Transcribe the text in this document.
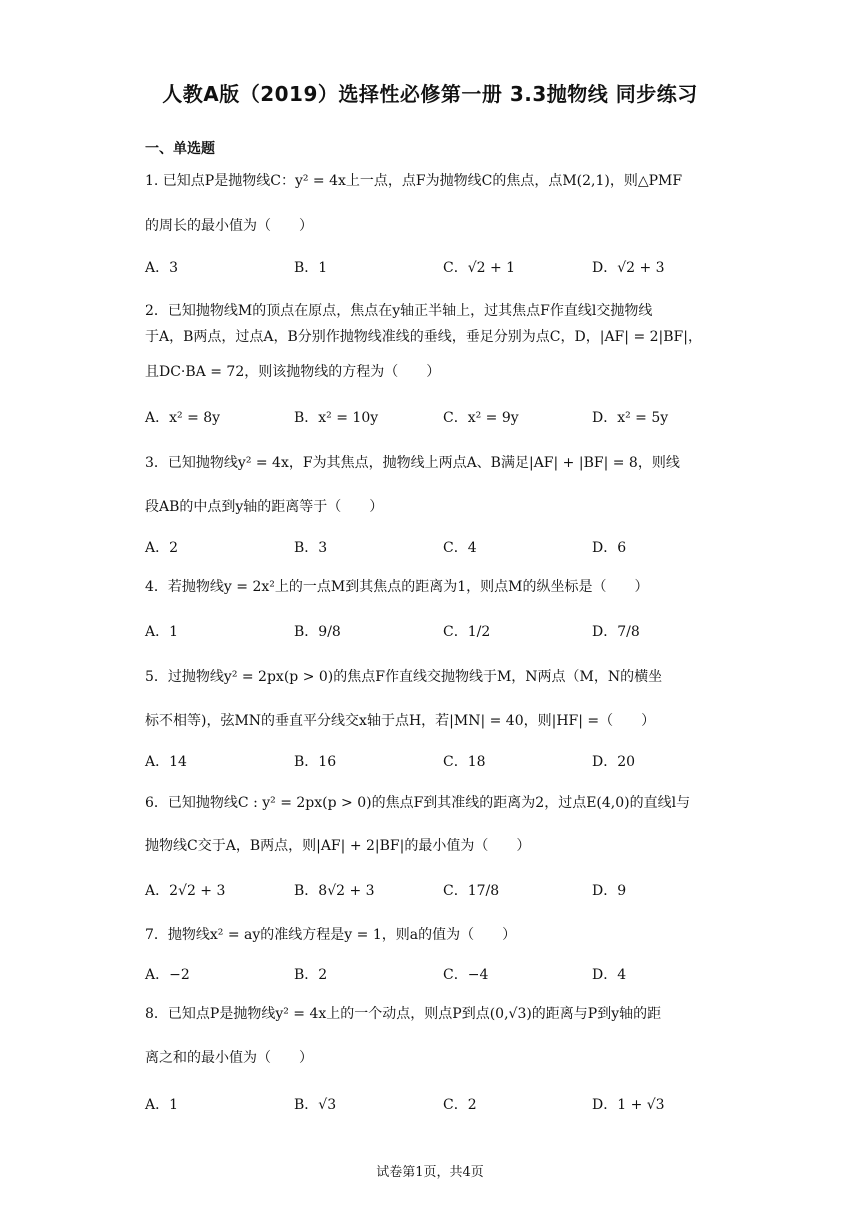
人教A版（2019）选择性必修第一册 3.3抛物线 同步练习
一、单选题
1. 已知点P是抛物线C：y² = 4x上一点，点F为抛物线C的焦点，点M(2,1)，则△PMF
的周长的最小值为（　　）
A．3	B．1	C．√2 + 1	D．√2 + 3
2．已知抛物线M的顶点在原点，焦点在y轴正半轴上，过其焦点F作直线l交抛物线
于A，B两点，过点A，B分别作抛物线准线的垂线，垂足分别为点C，D，|AF| = 2|BF|，
且DC·BA = 72，则该抛物线的方程为（　　）
A．x² = 8y	B．x² = 10y	C．x² = 9y	D．x² = 5y
3．已知抛物线y² = 4x，F为其焦点，抛物线上两点A、B满足|AF| + |BF| = 8，则线
段AB的中点到y轴的距离等于（　　）
A．2	B．3	C．4	D．6
4．若抛物线y = 2x²上的一点M到其焦点的距离为1，则点M的纵坐标是（　　）
A．1	B．9/8	C．1/2	D．7/8
5．过抛物线y² = 2px(p > 0)的焦点F作直线交抛物线于M，N两点（M，N的横坐
标不相等)，弦MN的垂直平分线交x轴于点H，若|MN| = 40，则|HF| =（　　）
A．14	B．16	C．18	D．20
6．已知抛物线C : y² = 2px(p > 0)的焦点F到其准线的距离为2，过点E(4,0)的直线l与
抛物线C交于A，B两点，则|AF| + 2|BF|的最小值为（　　）
A．2√2 + 3	B．8√2 + 3	C．17/8	D．9
7．抛物线x² = ay的准线方程是y = 1，则a的值为（　　）
A．−2	B．2	C．−4	D．4
8．已知点P是抛物线y² = 4x上的一个动点，则点P到点(0,√3)的距离与P到y轴的距
离之和的最小值为（　　）
A．1	B．√3	C．2	D．1 + √3
试卷第1页，共4页
